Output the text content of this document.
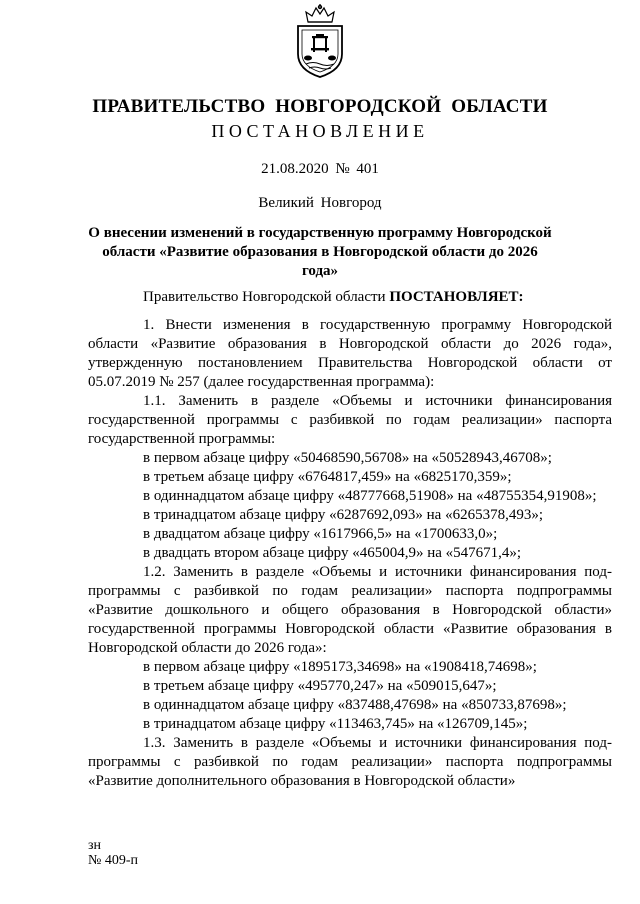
ПРАВИТЕЛЬСТВО НОВГОРОДСКОЙ ОБЛАСТИ
ПОСТАНОВЛЕНИЕ
21.08.2020 № 401
Великий Новгород
О внесении изменений в государственную программу Новгородской области «Развитие образования в Новгородской области до 2026 года»

Правительство Новгородской области ПОСТАНОВЛЯЕТ:

1. Внести изменения в государственную программу Новгородской области «Развитие образования в Новгородской области до 2026 года», утвержденную постановлением Правительства Новгородской области от 05.07.2019 № 257 (далее государственная программа):

1.1. Заменить в разделе «Объемы и источники финансирования государственной программы с разбивкой по годам реализации» паспорта государственной программы:

в первом абзаце цифру «50468590,56708» на «50528943,46708»;

в третьем абзаце цифру «6764817,459» на «6825170,359»;

в одиннадцатом абзаце цифру «48777668,51908» на «48755354,91908»;

в тринадцатом абзаце цифру «6287692,093» на «6265378,493»;

в двадцатом абзаце цифру «1617966,5» на «1700633,0»;

в двадцать втором абзаце цифру «465004,9» на «547671,4»;

1.2. Заменить в разделе «Объемы и источники финансирования под-программы с разбивкой по годам реализации» паспорта подпрограммы «Развитие дошкольного и общего образования в Новгородской области» государственной программы Новгородской области «Развитие образования в Новгородской области до 2026 года»:

в первом абзаце цифру «1895173,34698» на «1908418,74698»;

в третьем абзаце цифру «495770,247» на «509015,647»;

в одиннадцатом абзаце цифру «837488,47698» на «850733,87698»;

в тринадцатом абзаце цифру «113463,745» на «126709,145»;

1.3. Заменить в разделе «Объемы и источники финансирования под-программы с разбивкой по годам реализации» паспорта подпрограммы «Развитие дополнительного образования в Новгородской области»

зн
№ 409-п
